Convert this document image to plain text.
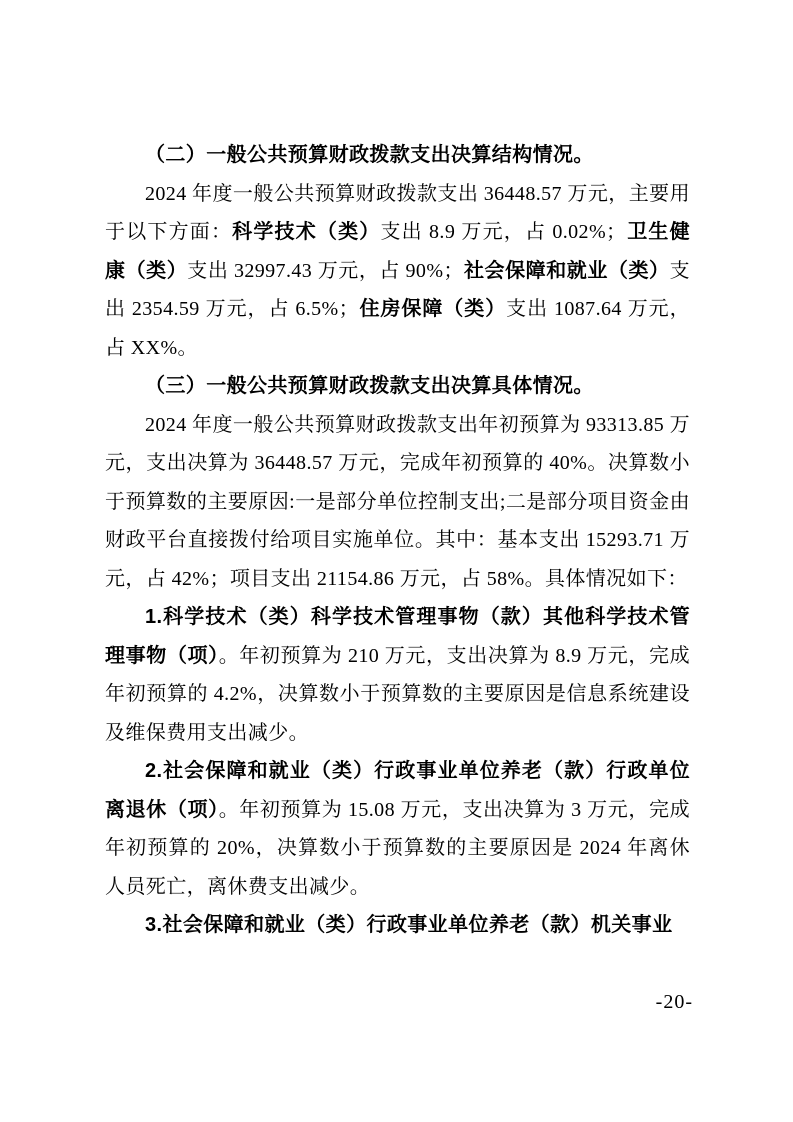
（二）一般公共预算财政拨款支出决算结构情况。

2024 年度一般公共预算财政拨款支出 36448.57 万元，主要用于以下方面：科学技术（类）支出 8.9 万元，占 0.02%；卫生健康（类）支出 32997.43 万元，占 90%；社会保障和就业（类）支出 2354.59 万元，占 6.5%；住房保障（类）支出 1087.64 万元，占 XX%。

（三）一般公共预算财政拨款支出决算具体情况。

2024 年度一般公共预算财政拨款支出年初预算为 93313.85 万元，支出决算为 36448.57 万元，完成年初预算的 40%。决算数小于预算数的主要原因:一是部分单位控制支出;二是部分项目资金由财政平台直接拨付给项目实施单位。其中：基本支出 15293.71 万元，占 42%；项目支出 21154.86 万元，占 58%。具体情况如下：

1.科学技术（类）科学技术管理事物（款）其他科学技术管理事物（项）。年初预算为 210 万元，支出决算为 8.9 万元，完成年初预算的 4.2%，决算数小于预算数的主要原因是信息系统建设及维保费用支出减少。

2.社会保障和就业（类）行政事业单位养老（款）行政单位离退休（项）。年初预算为 15.08 万元，支出决算为 3 万元，完成年初预算的 20%，决算数小于预算数的主要原因是 2024 年离休人员死亡，离休费支出减少。

3.社会保障和就业（类）行政事业单位养老（款）机关事业

-20-
